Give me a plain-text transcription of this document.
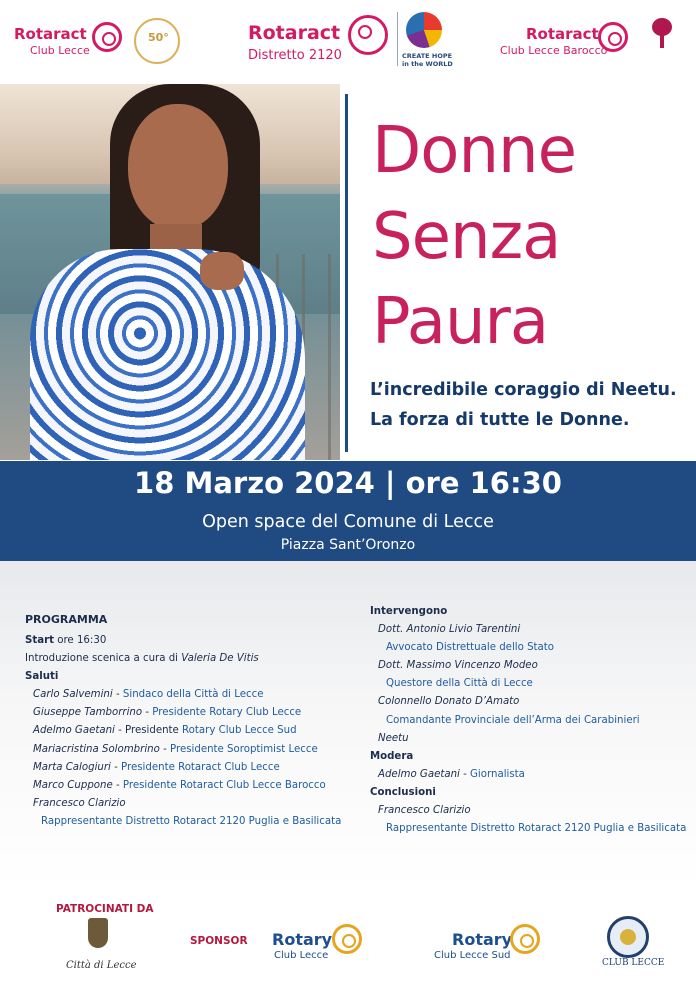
Rotaract
Club Lecce
50°	Rotaract
Distretto 2120	CREATE HOPE
in the WORLD
Rotaract
Club Lecce Barocco
Donne
Senza
Paura
L’incredibile coraggio di Neetu.
La forza di tutte le Donne.
18 Marzo 2024 | ore 16:30
Open space del Comune di Lecce
Piazza Sant’Oronzo
PROGRAMMA
Start ore 16:30
Introduzione scenica a cura di Valeria De Vitis
Saluti
Carlo Salvemini - Sindaco della Città di Lecce
Giuseppe Tamborrino - Presidente Rotary Club Lecce
Adelmo Gaetani - Presidente Rotary Club Lecce Sud
Mariacristina Solombrino - Presidente Soroptimist Lecce
Marta Calogiuri - Presidente Rotaract Club Lecce
Marco Cuppone - Presidente Rotaract Club Lecce Barocco
Francesco Clarizio
Rappresentante Distretto Rotaract 2120 Puglia e Basilicata
Intervengono
Dott. Antonio Livio Tarentini
Avvocato Distrettuale dello Stato
Dott. Massimo Vincenzo Modeo
Questore della Città di Lecce
Colonnello Donato D’Amato
Comandante Provinciale dell’Arma dei Carabinieri
Neetu
Modera
Adelmo Gaetani - Giornalista
Conclusioni
Francesco Clarizio
Rappresentante Distretto Rotaract 2120 Puglia e Basilicata
PATROCINATI DA
Città di Lecce
SPONSOR Rotary
Club Lecce
Rotary
Club Lecce Sud
CLUB LECCE
